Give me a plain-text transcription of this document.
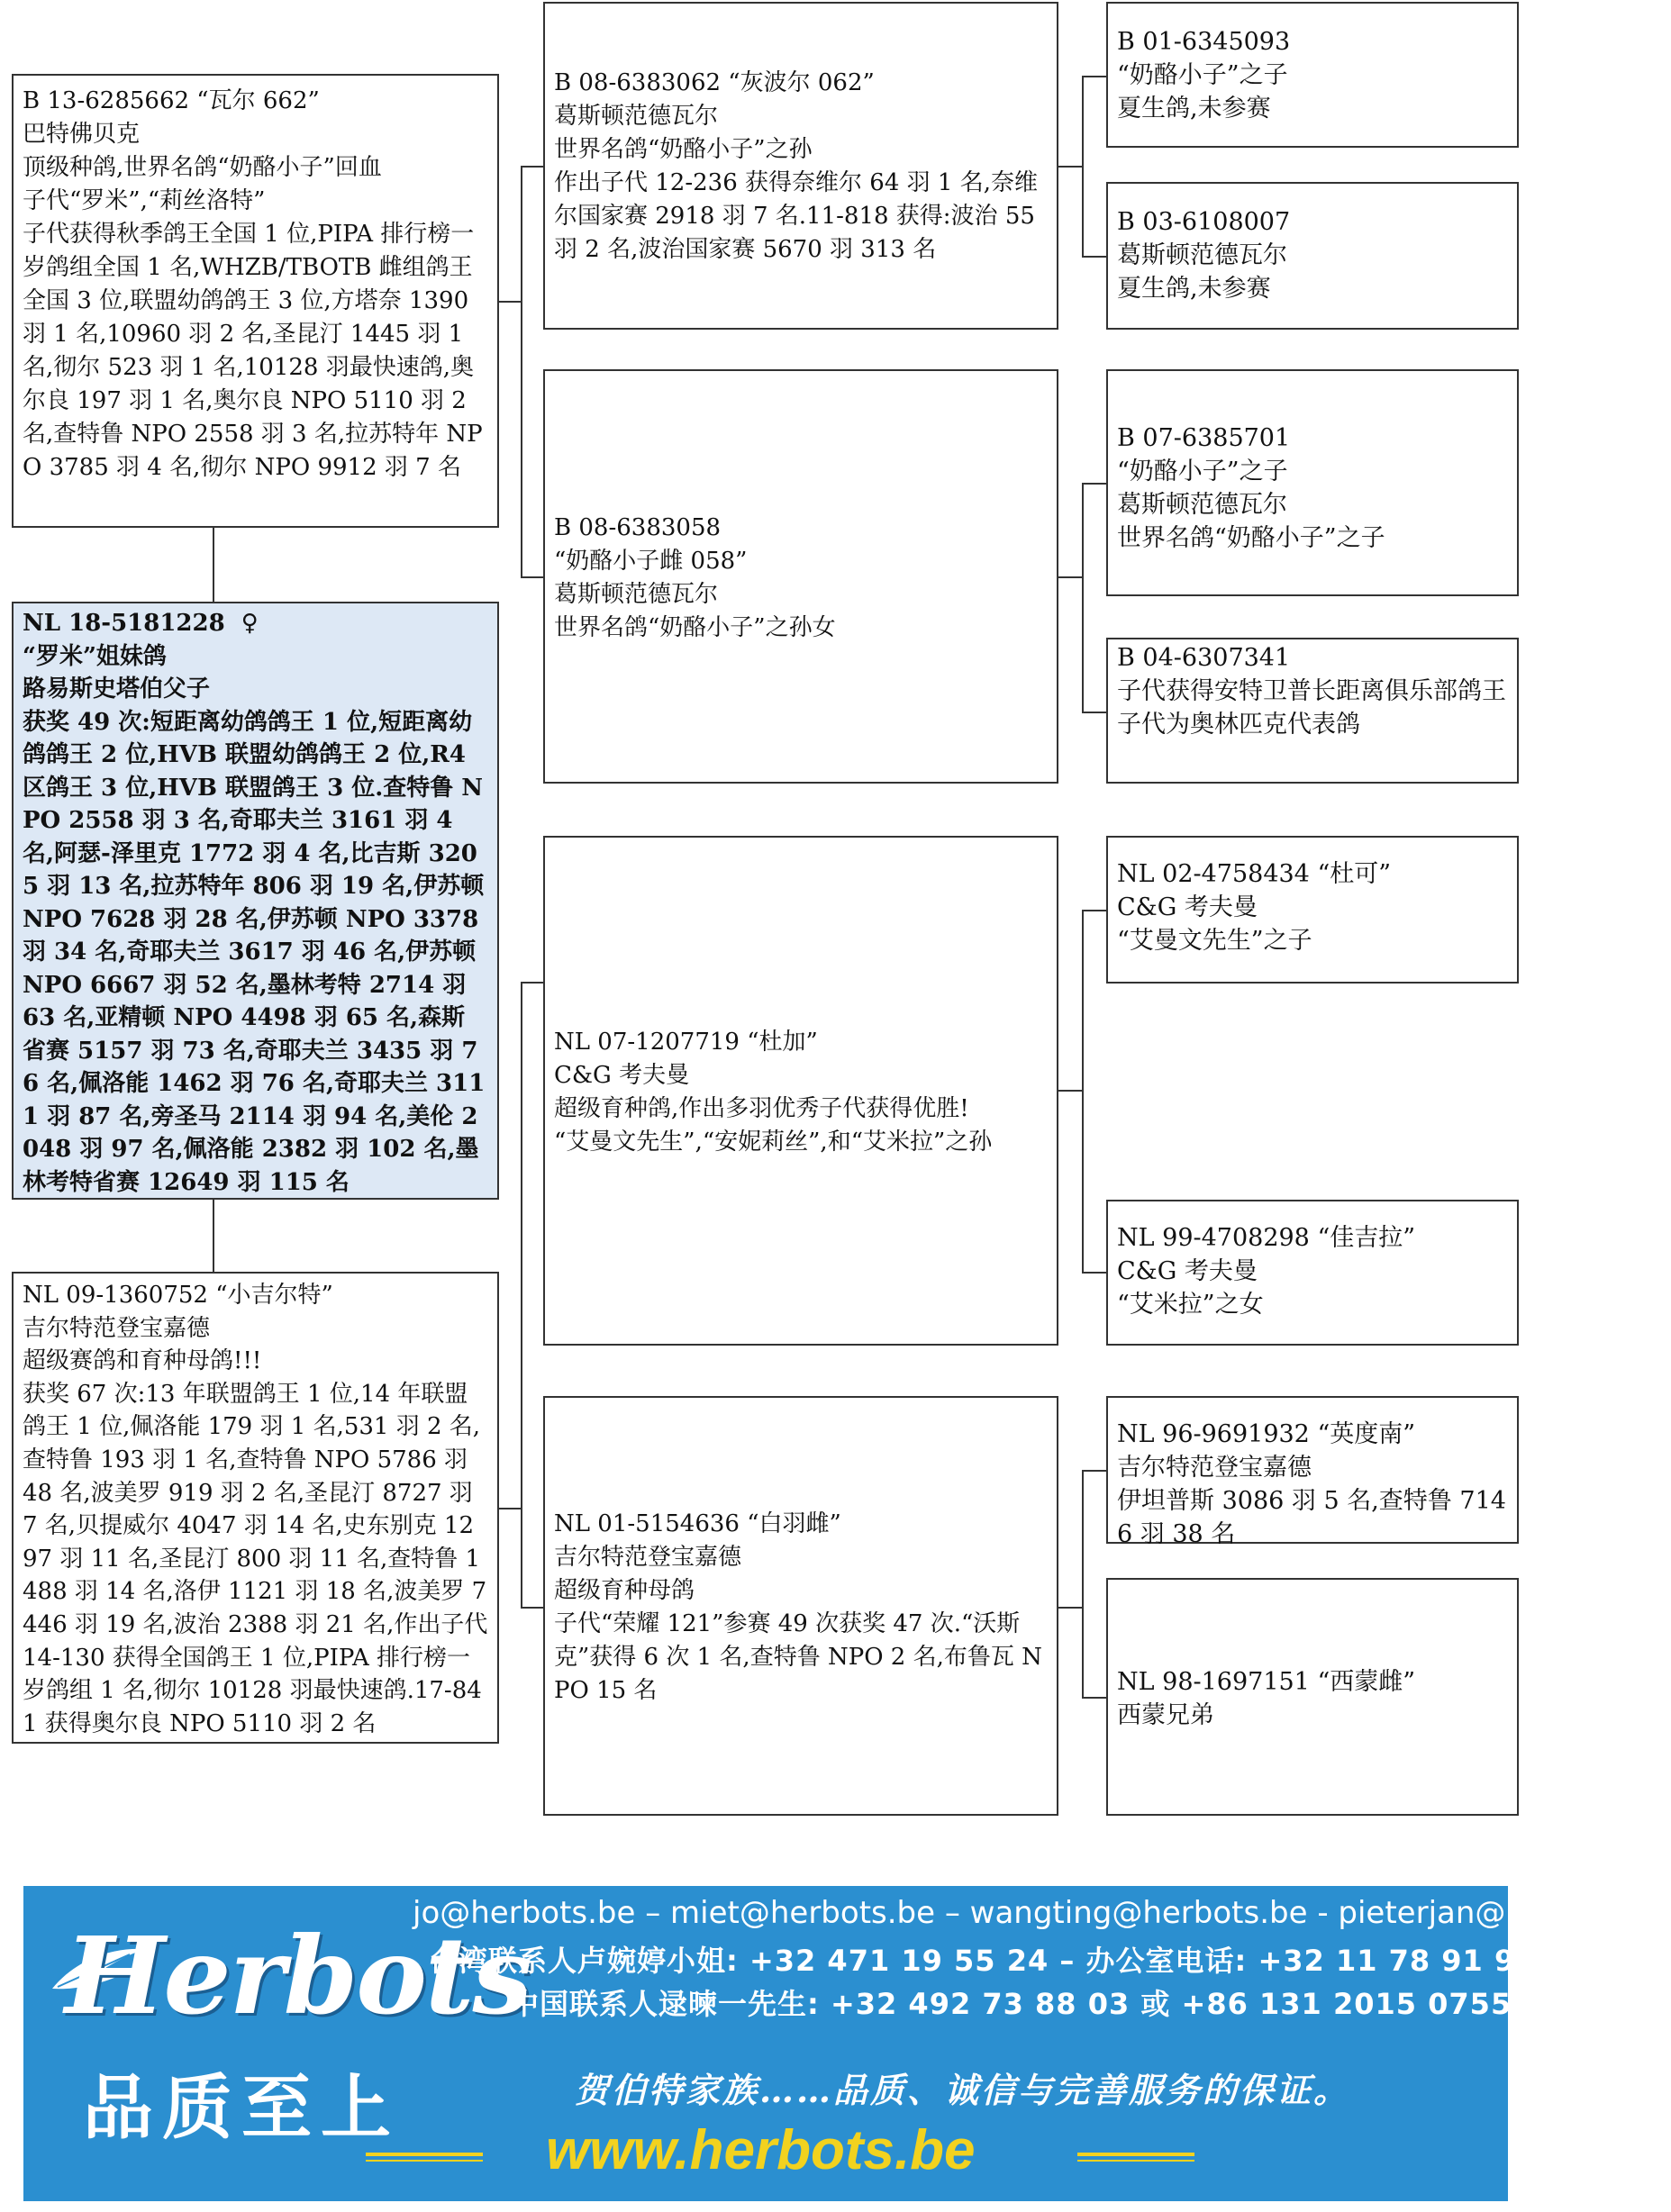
B 13-6285662 “瓦尔 662”
巴特佛贝克
顶级种鸽,世界名鸽“奶酪小子”回血
子代“罗米”,“莉丝洛特”
子代获得秋季鸽王全国 1 位,PIPA 排行榜一岁鸽组全国 1 名,WHZB/TBOTB 雌组鸽王全国 3 位,联盟幼鸽鸽王 3 位,方塔奈 1390 羽 1 名,10960 羽 2 名,圣昆汀 1445 羽 1 名,彻尔 523 羽 1 名,10128 羽最快速鸽,奥尔良 197 羽 1 名,奥尔良 NPO 5110 羽 2 名,查特鲁 NPO 2558 羽 3 名,拉苏特年 NPO 3785 羽 4 名,彻尔 NPO 9912 羽 7 名
NL 18-5181228  ♀
“罗米”姐妹鸽
路易斯史塔伯父子
获奖 49 次:短距离幼鸽鸽王 1 位,短距离幼鸽鸽王 2 位,HVB 联盟幼鸽鸽王 2 位,R4 区鸽王 3 位,HVB 联盟鸽王 3 位.查特鲁 NPO 2558 羽 3 名,奇耶夫兰 3161 羽 4 名,阿瑟-泽里克 1772 羽 4 名,比吉斯 3205 羽 13 名,拉苏特年 806 羽 19 名,伊苏顿 NPO 7628 羽 28 名,伊苏顿 NPO 3378 羽 34 名,奇耶夫兰 3617 羽 46 名,伊苏顿 NPO 6667 羽 52 名,墨林考特 2714 羽 63 名,亚精顿 NPO 4498 羽 65 名,森斯省赛 5157 羽 73 名,奇耶夫兰 3435 羽 76 名,佩洛能 1462 羽 76 名,奇耶夫兰 3111 羽 87 名,旁圣马 2114 羽 94 名,美伦 2048 羽 97 名,佩洛能 2382 羽 102 名,墨林考特省赛 12649 羽 115 名
NL 09-1360752 “小吉尔特”
吉尔特范登宝嘉德
超级赛鸽和育种母鸽!!!
获奖 67 次:13 年联盟鸽王 1 位,14 年联盟鸽王 1 位,佩洛能 179 羽 1 名,531 羽 2 名,查特鲁 193 羽 1 名,查特鲁 NPO 5786 羽 48 名,波美罗 919 羽 2 名,圣昆汀 8727 羽 7 名,贝提威尔 4047 羽 14 名,史东别克 1297 羽 11 名,圣昆汀 800 羽 11 名,查特鲁 1488 羽 14 名,洛伊 1121 羽 18 名,波美罗 7446 羽 19 名,波治 2388 羽 21 名,作出子代 14-130 获得全国鸽王 1 位,PIPA 排行榜一岁鸽组 1 名,彻尔 10128 羽最快速鸽.17-841 获得奥尔良 NPO 5110 羽 2 名
B 08-6383062 “灰波尔 062”
葛斯顿范德瓦尔
世界名鸽“奶酪小子”之孙
作出子代 12-236 获得奈维尔 64 羽 1 名,奈维尔国家赛 2918 羽 7 名.11-818 获得:波治 55 羽 2 名,波治国家赛 5670 羽 313 名
B 08-6383058
“奶酪小子雌 058”
葛斯顿范德瓦尔
世界名鸽“奶酪小子”之孙女
NL 07-1207719 “杜加”
C&G 考夫曼
超级育种鸽,作出多羽优秀子代获得优胜!
“艾曼文先生”,“安妮莉丝”,和“艾米拉”之孙
NL 01-5154636 “白羽雌”
吉尔特范登宝嘉德
超级育种母鸽
子代“荣耀 121”参赛 49 次获奖 47 次.“沃斯克”获得 6 次 1 名,查特鲁 NPO 2 名,布鲁瓦 NPO 15 名
B 01-6345093
“奶酪小子”之子
夏生鸽,未参赛
B 03-6108007
葛斯顿范德瓦尔
夏生鸽,未参赛
B 07-6385701
“奶酪小子”之子
葛斯顿范德瓦尔
世界名鸽“奶酪小子”之子
B 04-6307341
子代获得安特卫普长距离俱乐部鸽王
子代为奥林匹克代表鸽
NL 02-4758434 “杜可”
C&G 考夫曼
“艾曼文先生”之子
NL 99-4708298 “佳吉拉”
C&G 考夫曼
“艾米拉”之女
NL 96-9691932 “英度南”
吉尔特范登宝嘉德
伊坦普斯 3086 羽 5 名,查特鲁 7146 羽 38 名
NL 98-1697151 “西蒙雌”
西蒙兄弟
Herbots
品质至上
jo@herbots.be – miet@herbots.be – wangting@herbots.be - pieterjan@herbots.be
台湾联系人卢婉婷小姐: +32 471 19 55 24 – 办公室电话: +32 11 78 91 90
中国联系人逯暕一先生: +32 492 73 88 03 或 +86 131 2015 0755
贺伯特家族……品质、诚信与完善服务的保证。
www.herbots.be
